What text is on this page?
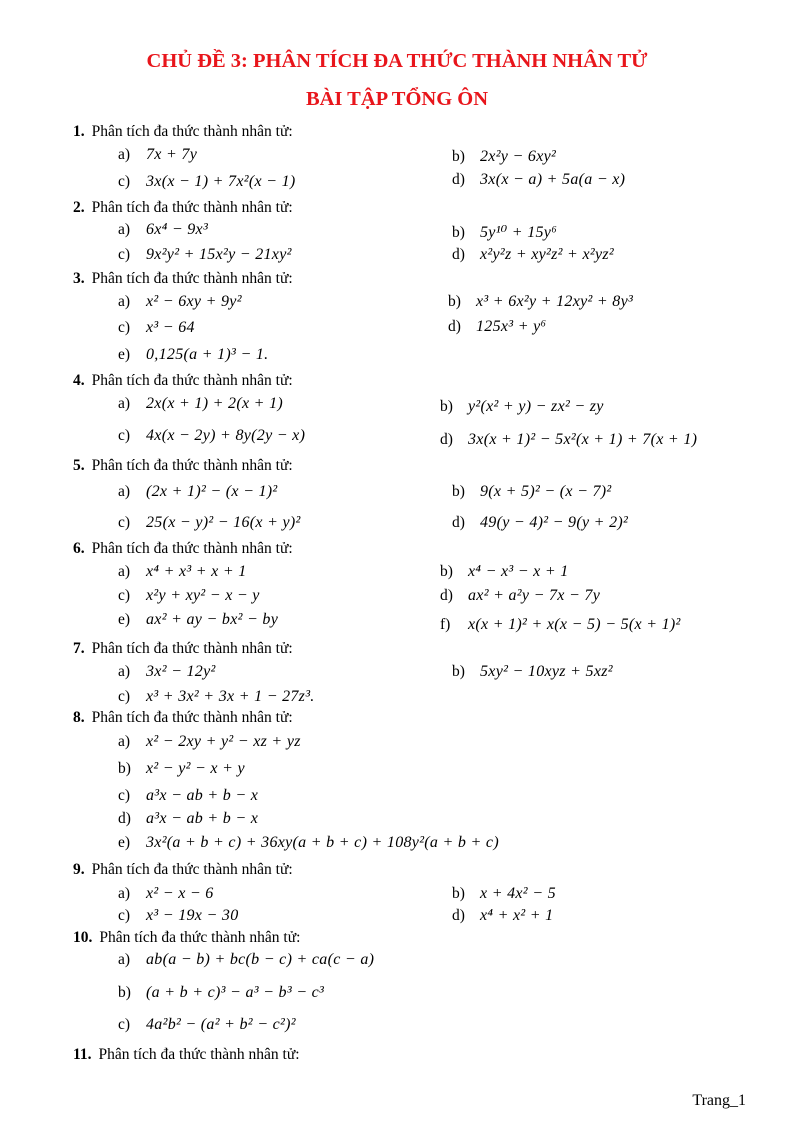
CHỦ ĐỀ 3: PHÂN TÍCH ĐA THỨC THÀNH NHÂN TỬ
BÀI TẬP TỔNG ÔN
1. Phân tích đa thức thành nhân tử:
a) 7x + 7y	b) 2x²y − 6xy²
c) 3x(x − 1) + 7x²(x − 1)	d) 3x(x − a) + 5a(a − x)
2. Phân tích đa thức thành nhân tử:
a) 6x⁴ − 9x³	b) 5y¹⁰ + 15y⁶
c) 9x²y² + 15x²y − 21xy²	d) x²y²z + xy²z² + x²yz²
3. Phân tích đa thức thành nhân tử:
a) x² − 6xy + 9y²	b) x³ + 6x²y + 12xy² + 8y³
c) x³ − 64	d) 125x³ + y⁶
e) 0,125(a + 1)³ − 1.
4. Phân tích đa thức thành nhân tử:
a) 2x(x + 1) + 2(x + 1)	b) y²(x² + y) − zx² − zy
c) 4x(x − 2y) + 8y(2y − x)	d) 3x(x + 1)² − 5x²(x + 1) + 7(x + 1)
5. Phân tích đa thức thành nhân tử:
a) (2x + 1)² − (x − 1)²	b) 9(x + 5)² − (x − 7)²
c) 25(x − y)² − 16(x + y)²	d) 49(y − 4)² − 9(y + 2)²
6. Phân tích đa thức thành nhân tử:
a) x⁴ + x³ + x + 1	b) x⁴ − x³ − x + 1
c) x²y + xy² − x − y	d) ax² + a²y − 7x − 7y
e) ax² + ay − bx² − by	f) x(x + 1)² + x(x − 5) − 5(x + 1)²
7. Phân tích đa thức thành nhân tử:
a) 3x² − 12y²	b) 5xy² − 10xyz + 5xz²
c) x³ + 3x² + 3x + 1 − 27z³.
8. Phân tích đa thức thành nhân tử:
a) x² − 2xy + y² − xz + yz
b) x² − y² − x + y
c) a³x − ab + b − x
d) a³x − ab + b − x
e) 3x²(a + b + c) + 36xy(a + b + c) + 108y²(a + b + c)
9. Phân tích đa thức thành nhân tử:
a) x² − x − 6	b) x + 4x² − 5
c) x³ − 19x − 30	d) x⁴ + x² + 1
10. Phân tích đa thức thành nhân tử:
a) ab(a − b) + bc(b − c) + ca(c − a)
b) (a + b + c)³ − a³ − b³ − c³
c) 4a²b² − (a² + b² − c²)²
11. Phân tích đa thức thành nhân tử:
Trang_1
